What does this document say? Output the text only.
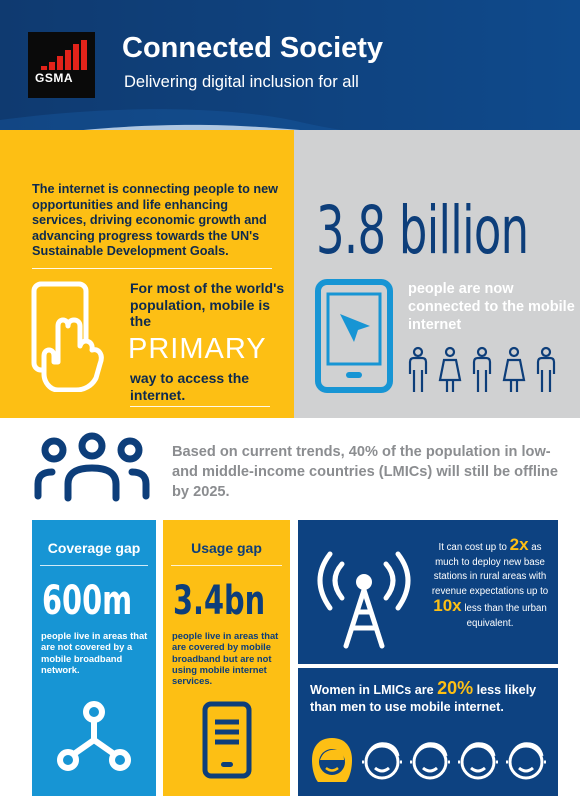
GSMA
Connected Society
Delivering digital inclusion for all
The internet is connecting people to new opportunities and life enhancing services, driving economic growth and advancing progress towards the UN's Sustainable Development Goals.
For most of the world's population, mobile is the
PRIMARY
way to access the internet.
3.8 billion
people are now connected to the mobile internet
Based on current trends, 40% of the population in low- and middle-income countries (LMICs) will still be offline by 2025.
Coverage gap
600m
people live in areas that are not covered by a mobile broadband network.
Usage gap
3.4bn
people live in areas that are covered by mobile broadband but are not using mobile internet services.
It can cost up to 2x as much to deploy new base stations in rural areas with revenue expectations up to 10x less than the urban equivalent.
Women in LMICs are 20% less likely than men to use mobile internet.
